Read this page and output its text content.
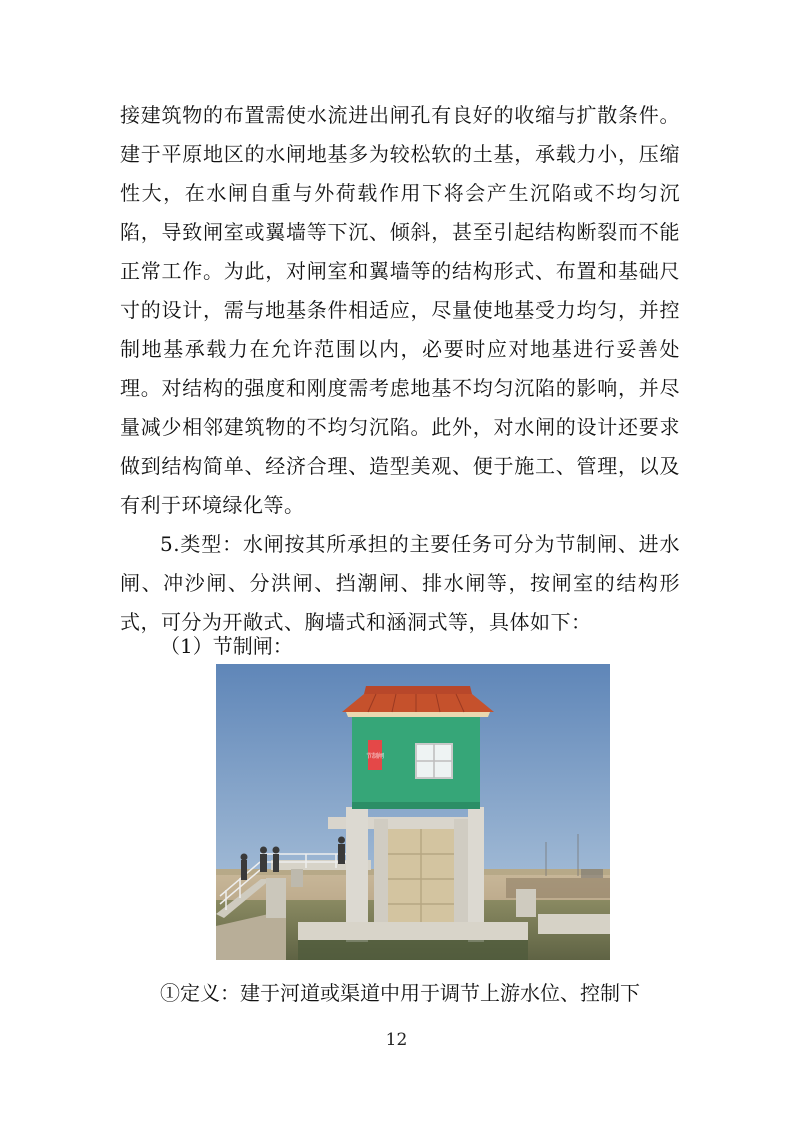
接建筑物的布置需使水流进出闸孔有良好的收缩与扩散条件。建于平原地区的水闸地基多为较松软的土基，承载力小，压缩性大，在水闸自重与外荷载作用下将会产生沉陷或不均匀沉陷，导致闸室或翼墙等下沉、倾斜，甚至引起结构断裂而不能正常工作。为此，对闸室和翼墙等的结构形式、布置和基础尺寸的设计，需与地基条件相适应，尽量使地基受力均匀，并控制地基承载力在允许范围以内，必要时应对地基进行妥善处理。对结构的强度和刚度需考虑地基不均匀沉陷的影响，并尽量减少相邻建筑物的不均匀沉陷。此外，对水闸的设计还要求做到结构简单、经济合理、造型美观、便于施工、管理，以及有利于环境绿化等。

5.类型：水闸按其所承担的主要任务可分为节制闸、进水闸、冲沙闸、分洪闸、挡潮闸、排水闸等，按闸室的结构形式，可分为开敞式、胸墙式和涵洞式等，具体如下：

（1）节制闸：
节制闸
①定义：建于河道或渠道中用于调节上游水位、控制下
12
